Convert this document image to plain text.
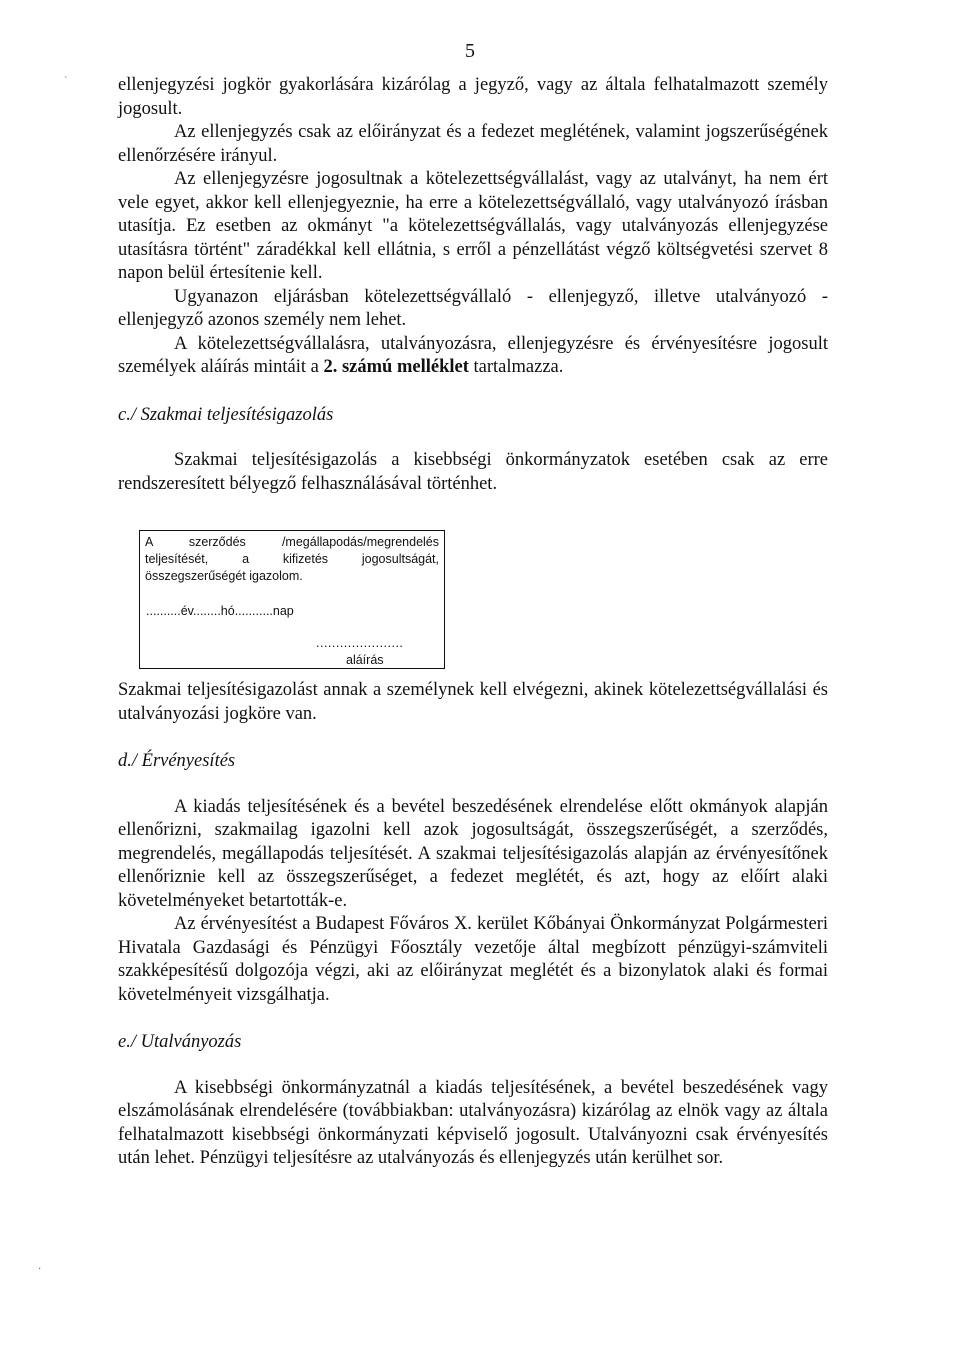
5
`
·

ellenjegyzési jogkör gyakorlására kizárólag a jegyző, vagy az általa felhatalmazott személy jogosult.

Az ellenjegyzés csak az előirányzat és a fedezet meglétének, valamint jogszerűségének ellenőrzésére irányul.

Az ellenjegyzésre jogosultnak a kötelezettségvállalást, vagy az utalványt, ha nem ért vele egyet, akkor kell ellenjegyeznie, ha erre a kötelezettségvállaló, vagy utalványozó írásban utasítja. Ez esetben az okmányt "a kötelezettségvállalás, vagy utalványozás ellenjegyzése utasításra történt" záradékkal kell ellátnia, s erről a pénzellátást végző költségvetési szervet 8 napon belül értesítenie kell.

Ugyanazon eljárásban kötelezettségvállaló - ellenjegyző, illetve utalványozó - ellenjegyző azonos személy nem lehet.

A kötelezettségvállalásra, utalványozásra, ellenjegyzésre és érvényesítésre jogosult személyek aláírás mintáit a 2. számú melléklet tartalmazza.

c./ Szakmai teljesítésigazolás

Szakmai teljesítésigazolás a kisebbségi önkormányzatok esetében csak az erre rendszeresített bélyegző felhasználásával történhet.

Szakmai teljesítésigazolást annak a személynek kell elvégezni, akinek kötelezettségvállalási és utalványozási jogköre van.

d./ Érvényesítés

A kiadás teljesítésének és a bevétel beszedésének elrendelése előtt okmányok alapján ellenőrizni, szakmailag igazolni kell azok jogosultságát, összegszerűségét, a szerződés, megrendelés, megállapodás teljesítését. A szakmai teljesítésigazolás alapján az érvényesítőnek ellenőriznie kell az összegszerűséget, a fedezet meglétét, és azt, hogy az előírt alaki követelményeket betartották-e.

Az érvényesítést a Budapest Főváros X. kerület Kőbányai Önkormányzat Polgármesteri Hivatala Gazdasági és Pénzügyi Főosztály vezetője által megbízott pénzügyi-számviteli szakképesítésű dolgozója végzi, aki az előirányzat meglétét és a bizonylatok alaki és formai követelményeit vizsgálhatja.

e./ Utalványozás

A kisebbségi önkormányzatnál a kiadás teljesítésének, a bevétel beszedésének vagy elszámolásának elrendelésére (továbbiakban: utalványozásra) kizárólag az elnök vagy az általa felhatalmazott kisebbségi önkormányzati képviselő jogosult. Utalványozni csak érvényesítés után lehet. Pénzügyi teljesítésre az utalványozás és ellenjegyzés után kerülhet sor.

A szerződés /megállapodás/megrendelés teljesítését, a kifizetés jogosultságát, összegszerűségét igazolom.
..........év........hó...........nap
......................
aláírás
